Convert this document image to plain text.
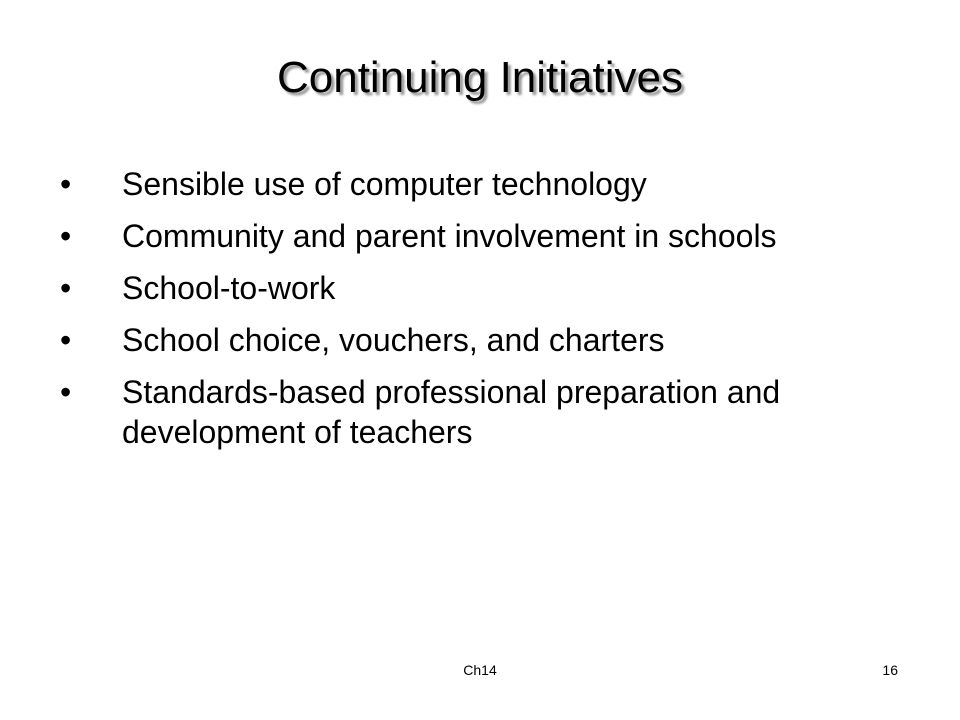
Continuing Initiatives
• Sensible use of computer technology
• Community and parent involvement in schools
• School-to-work
• School choice, vouchers, and charters
• Standards-based professional preparation and development of teachers
Ch14	16
